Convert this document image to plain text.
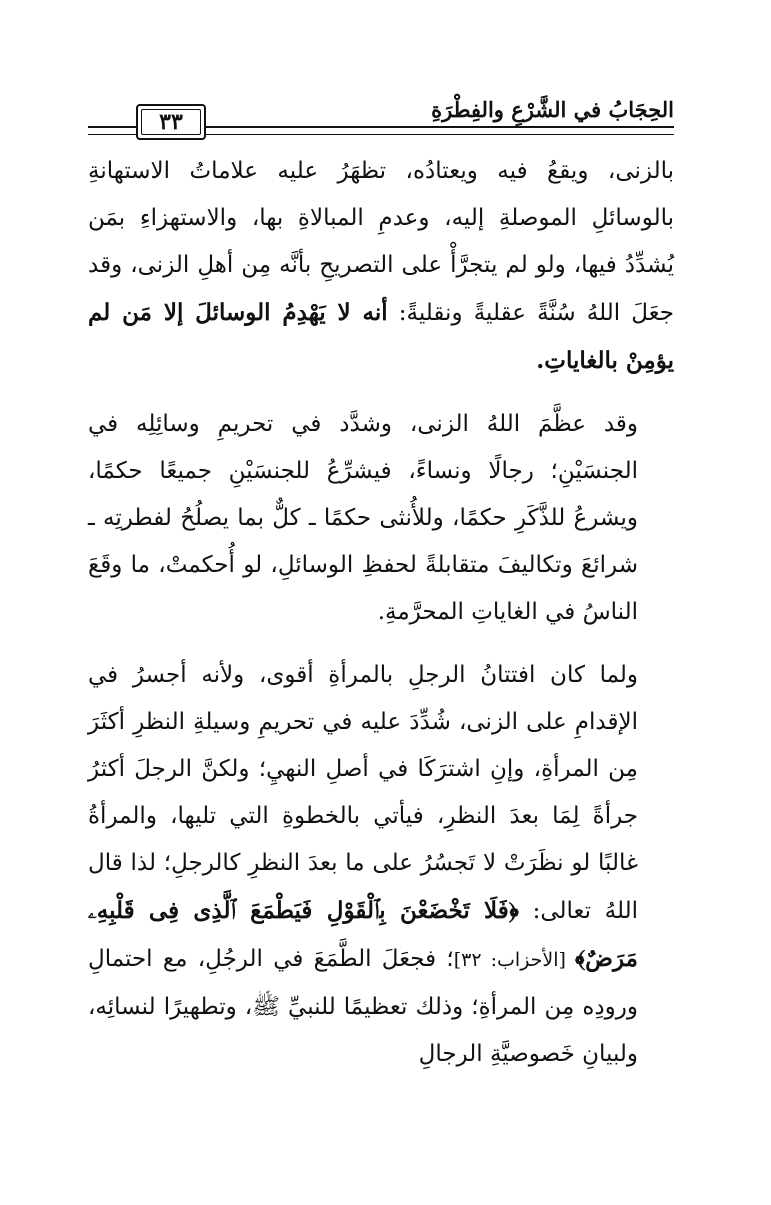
٣٣	الحِجَابُ في الشَّرْعِ والفِطْرَةِ

بالزنى، ويقعُ فيه ويعتادُه، تظهَرُ عليه علاماتُ الاستهانةِ بالوسائلِ الموصلةِ إليه، وعدمِ المبالاةِ بها، والاستهزاءِ بمَن يُشدِّدُ فيها، ولو لم يتجرَّأْ على التصريحِ بأنَّه مِن أهلِ الزنى، وقد جعَلَ اللهُ سُنَّةً عقليةً ونقليةً: أنه لا يَهْدِمُ الوسائلَ إلا مَن لم يؤمِنْ بالغاياتِ.

وقد عظَّمَ اللهُ الزنى، وشدَّد في تحريمِ وسائِلِه في الجنسَيْنِ؛ رجالًا ونساءً، فيشرِّعُ للجنسَيْنِ جميعًا حكمًا، ويشرعُ للذَّكَرِ حكمًا، وللأُنثى حكمًا ـ كلٌّ بما يصلُحُ لفطرتِه ـ شرائعَ وتكاليفَ متقابلةً لحفظِ الوسائلِ، لو أُحكمتْ، ما وقَعَ الناسُ في الغاياتِ المحرَّمةِ.

ولما كان افتتانُ الرجلِ بالمرأةِ أقوى، ولأنه أجسرُ في الإقدامِ على الزنى، شُدِّدَ عليه في تحريمِ وسيلةِ النظرِ أكثَرَ مِن المرأةِ، وإنِ اشترَكَا في أصلِ النهيِ؛ ولكنَّ الرجلَ أكثرُ جرأةً لِمَا بعدَ النظرِ، فيأتي بالخطوةِ التي تليها، والمرأةُ غالبًا لو نظَرَتْ لا تَجسُرُ على ما بعدَ النظرِ كالرجلِ؛ لذا قال اللهُ تعالى: ﴿فَلَا تَخْضَعْنَ بِٱلْقَوْلِ فَيَطْمَعَ ٱلَّذِى فِى قَلْبِهِۦ مَرَضٌ﴾ [الأحزاب: ٣٢]؛ فجعَلَ الطَّمَعَ في الرجُلِ، مع احتمالِ ورودِه مِن المرأةِ؛ وذلك تعظيمًا للنبيِّ ﷺ، وتطهيرًا لنسائِه، ولبيانِ خَصوصيَّةِ الرجالِ
